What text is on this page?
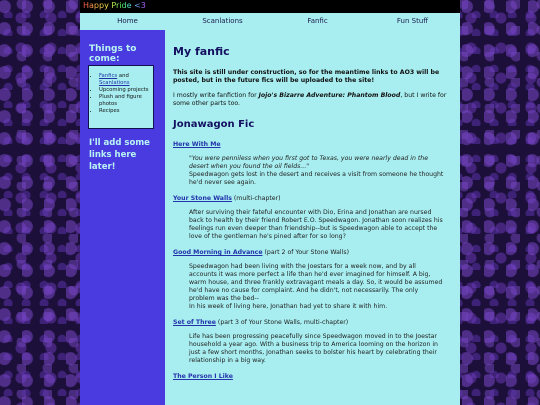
Happy Pride <3
Home	Scanlations	Fanfic	Fun Stuff
Things to come:
• Fanfics and Scanlations
• Upcoming projects
• Plush and figure photos
• Recipes
I'll add some links here later!
My fanfic

This site is still under construction, so for the meantime links to AO3 will be posted, but in the future fics will be uploaded to the site!

I mostly write fanfiction for Jojo's Bizarre Adventure: Phantom Blood, but I write for some other parts too.

Jonawagon Fic
Here With Me
"You were penniless when you first got to Texas, you were nearly dead in the desert when you found the oil fields..."
Speedwagon gets lost in the desert and receives a visit from someone he thought he'd never see again.
Your Stone Walls (multi-chapter)
After surviving their fateful encounter with Dio, Erina and Jonathan are nursed back to health by their friend Robert E.O. Speedwagon. Jonathan soon realizes his feelings run even deeper than friendship--but is Speedwagon able to accept the love of the gentleman he's pined after for so long?
Good Morning in Advance (part 2 of Your Stone Walls)
Speedwagon had been living with the Joestars for a week now, and by all accounts it was more perfect a life than he'd ever imagined for himself. A big, warm house, and three frankly extravagant meals a day. So, it would be assumed he'd have no cause for complaint. And he didn't, not necessarily. The only problem was the bed--
In his week of living here, Jonathan had yet to share it with him.
Set of Three (part 3 of Your Stone Walls, multi-chapter)
Life has been progressing peacefully since Speedwagon moved in to the Joestar household a year ago. With a business trip to America looming on the horizon in just a few short months, Jonathan seeks to bolster his heart by celebrating their relationship in a big way.
The Person I Like
